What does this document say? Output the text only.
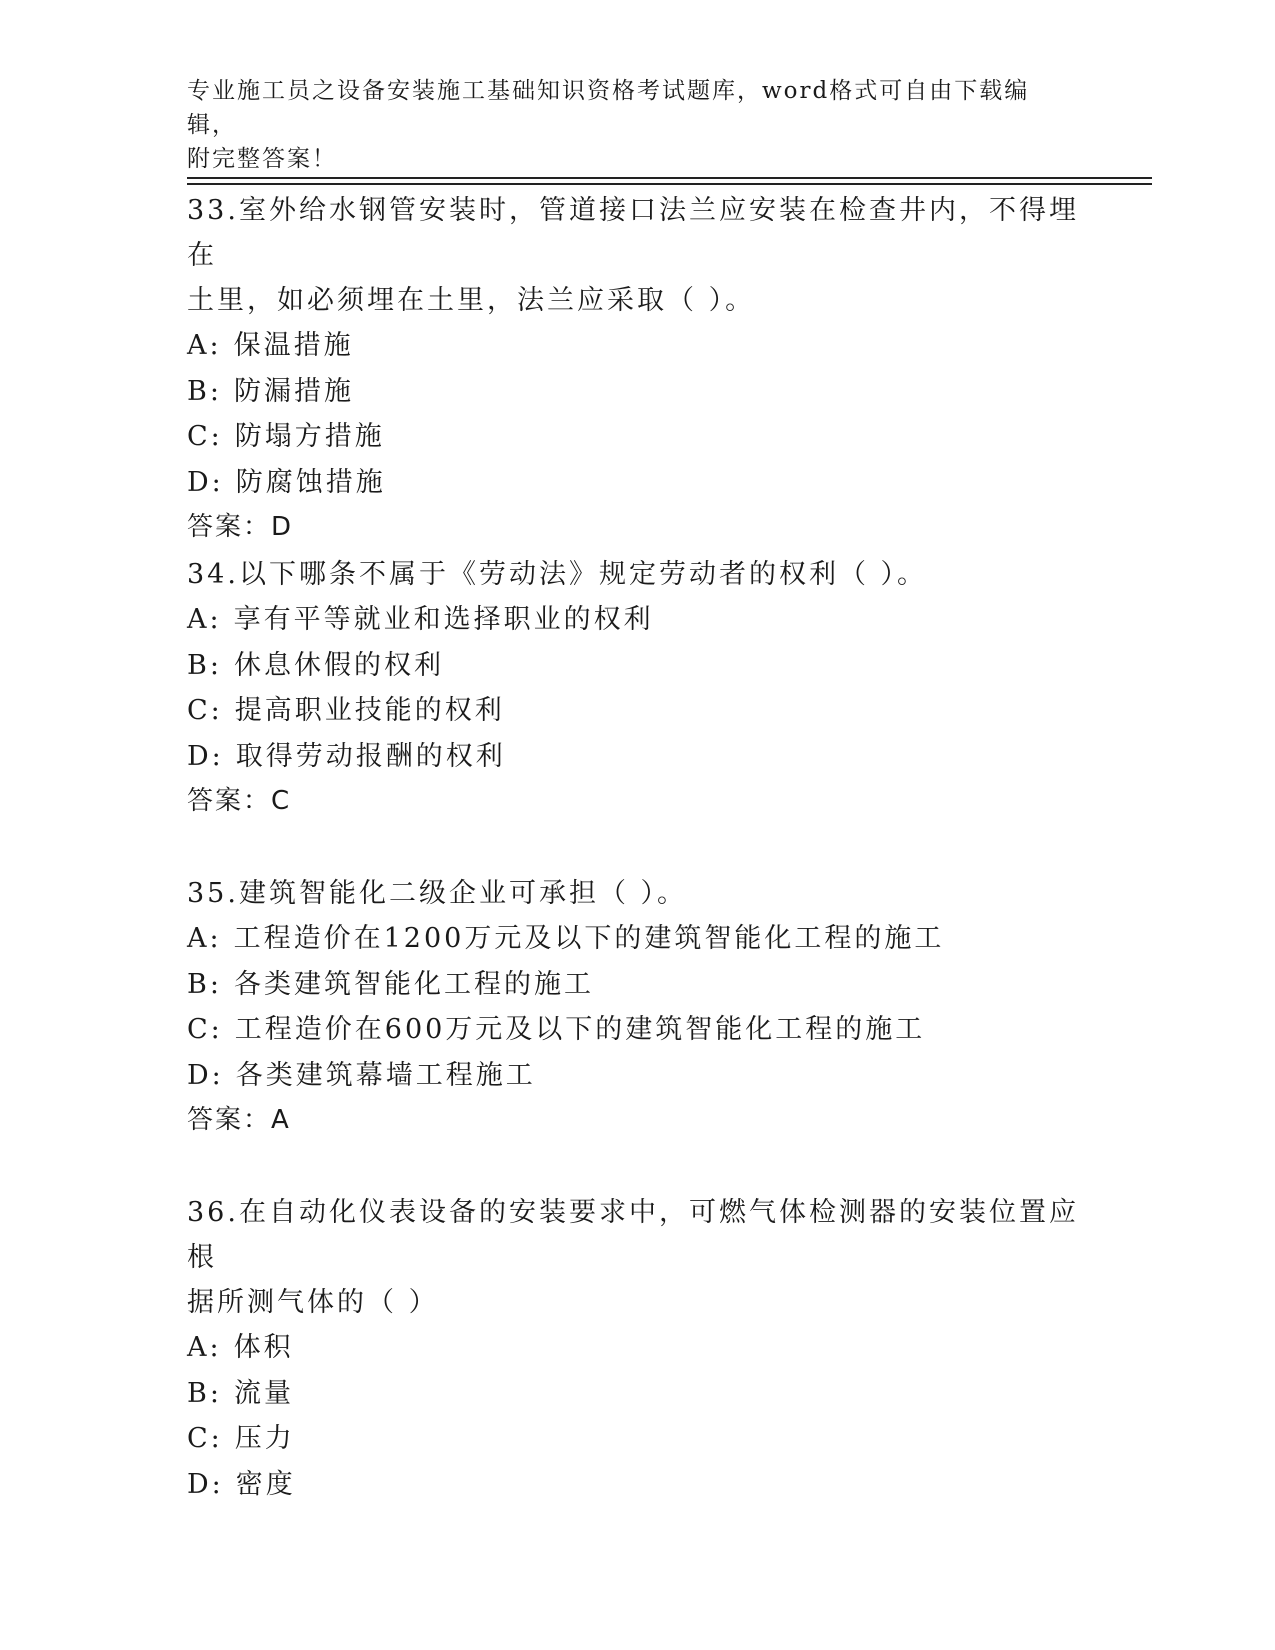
专业施工员之设备安装施工基础知识资格考试题库，word格式可自由下载编辑，
附完整答案！

33.室外给水钢管安装时，管道接口法兰应安装在检查井内，不得埋在
土里，如必须埋在土里，法兰应采取（ ）。

A: 保温措施

B: 防漏措施

C: 防塌方措施

D: 防腐蚀措施

答案：D

34.以下哪条不属于《劳动法》规定劳动者的权利（ ）。

A: 享有平等就业和选择职业的权利

B: 休息休假的权利

C: 提高职业技能的权利

D: 取得劳动报酬的权利

答案：C

35.建筑智能化二级企业可承担（ ）。

A: 工程造价在1200万元及以下的建筑智能化工程的施工

B: 各类建筑智能化工程的施工

C: 工程造价在600万元及以下的建筑智能化工程的施工

D: 各类建筑幕墙工程施工

答案：A

36.在自动化仪表设备的安装要求中，可燃气体检测器的安装位置应根
据所测气体的（ ）

A: 体积

B: 流量

C: 压力

D: 密度
